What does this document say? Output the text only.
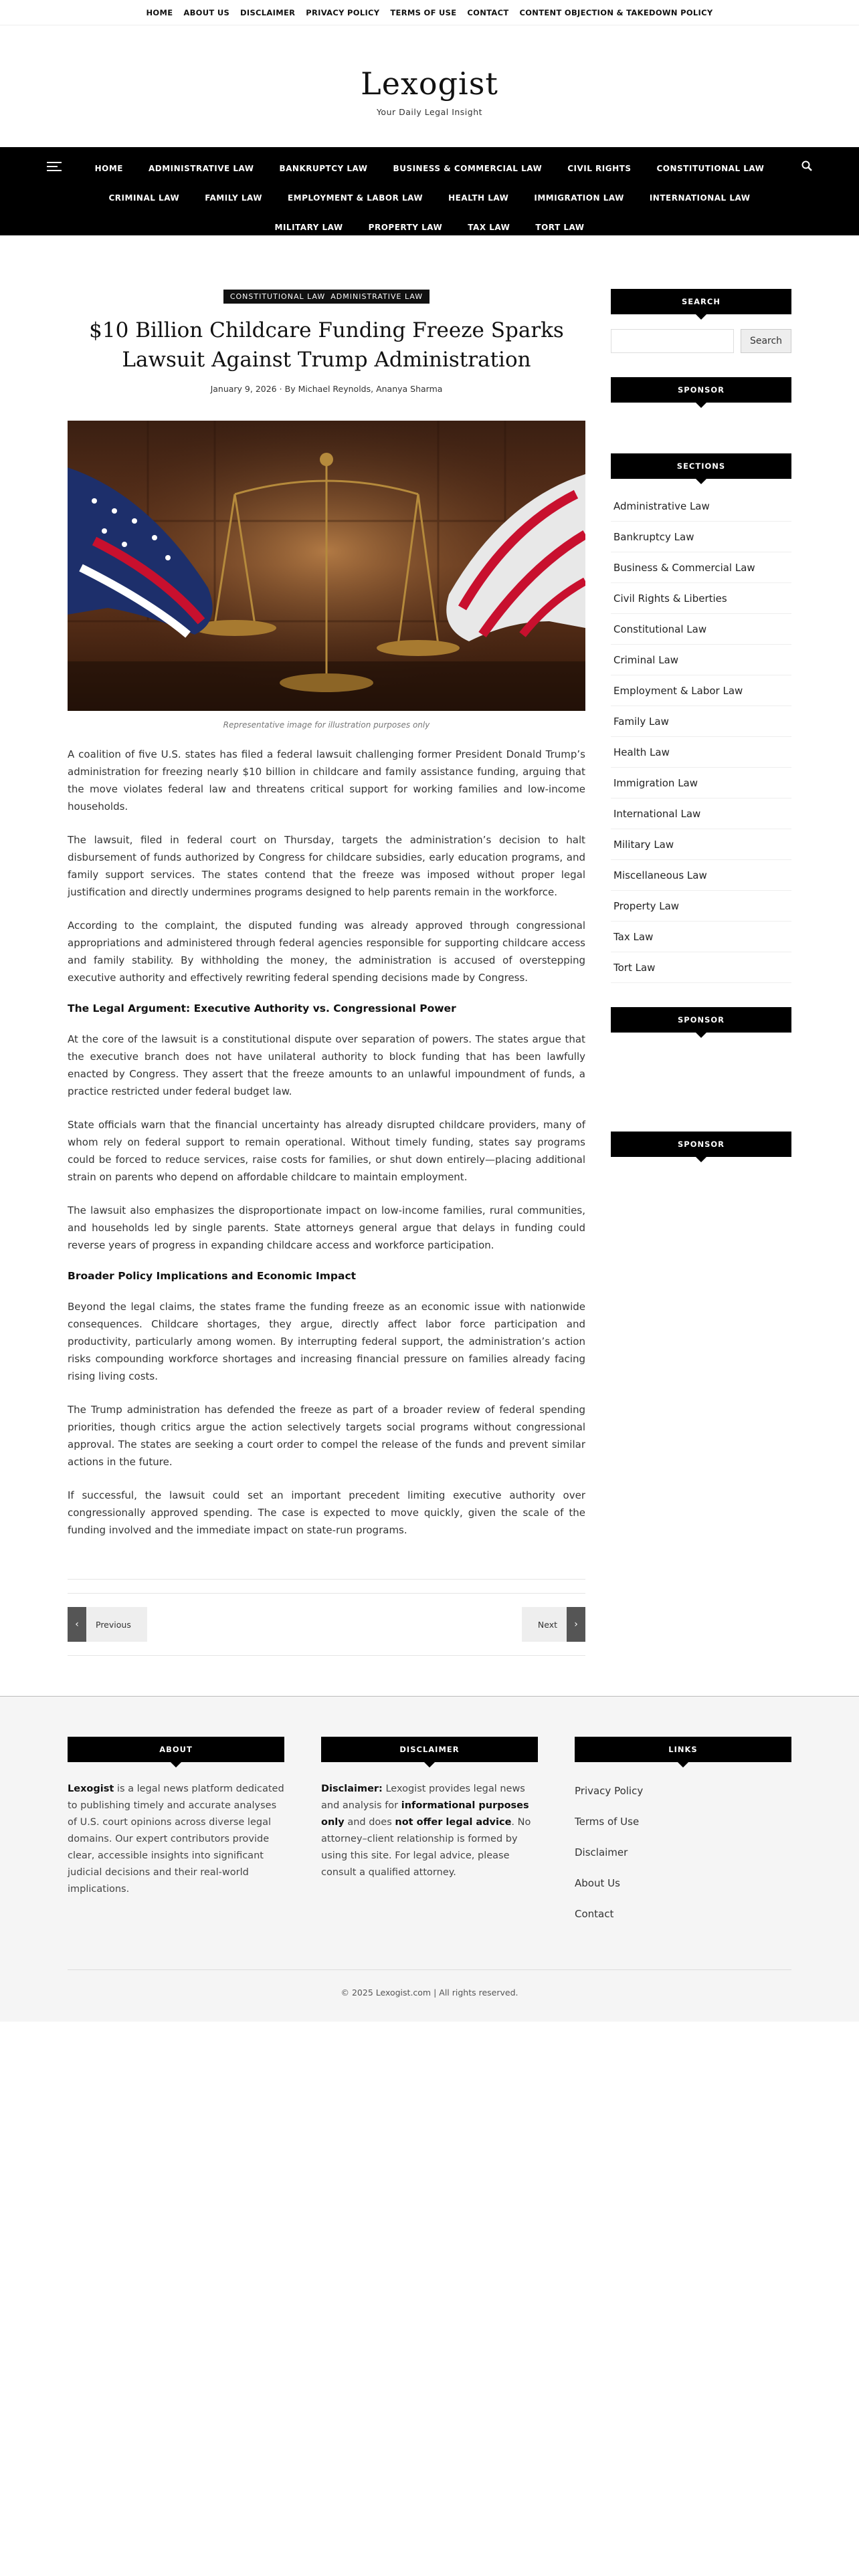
HOME ABOUT US DISCLAIMER PRIVACY POLICY TERMS OF USE CONTACT CONTENT OBJECTION & TAKEDOWN POLICY
Lexogist
Your Daily Legal Insight
HOME	ADMINISTRATIVE LAW	BANKRUPTCY LAW	BUSINESS & COMMERCIAL LAW	CIVIL RIGHTS	CONSTITUTIONAL LAW
CRIMINAL LAW	FAMILY LAW	EMPLOYMENT & LABOR LAW	HEALTH LAW	IMMIGRATION LAW	INTERNATIONAL LAW
MILITARY LAW	PROPERTY LAW	TAX LAW	TORT LAW
CONSTITUTIONAL LAW ADMINISTRATIVE LAW
$10 Billion Childcare Funding Freeze Sparks Lawsuit Against Trump Administration
January 9, 2026 · By Michael Reynolds, Ananya Sharma
Representative image for illustration purposes only

A coalition of five U.S. states has filed a federal lawsuit challenging former President Donald Trump’s administration for freezing nearly $10 billion in childcare and family assistance funding, arguing that the move violates federal law and threatens critical support for working families and low-income households.

The lawsuit, filed in federal court on Thursday, targets the administration’s decision to halt disbursement of funds authorized by Congress for childcare subsidies, early education programs, and family support services. The states contend that the freeze was imposed without proper legal justification and directly undermines programs designed to help parents remain in the workforce.

According to the complaint, the disputed funding was already approved through congressional appropriations and administered through federal agencies responsible for supporting childcare access and family stability. By withholding the money, the administration is accused of overstepping executive authority and effectively rewriting federal spending decisions made by Congress.

The Legal Argument: Executive Authority vs. Congressional Power

At the core of the lawsuit is a constitutional dispute over separation of powers. The states argue that the executive branch does not have unilateral authority to block funding that has been lawfully enacted by Congress. They assert that the freeze amounts to an unlawful impoundment of funds, a practice restricted under federal budget law.

State officials warn that the financial uncertainty has already disrupted childcare providers, many of whom rely on federal support to remain operational. Without timely funding, states say programs could be forced to reduce services, raise costs for families, or shut down entirely—placing additional strain on parents who depend on affordable childcare to maintain employment.

The lawsuit also emphasizes the disproportionate impact on low-income families, rural communities, and households led by single parents. State attorneys general argue that delays in funding could reverse years of progress in expanding childcare access and workforce participation.

Broader Policy Implications and Economic Impact

Beyond the legal claims, the states frame the funding freeze as an economic issue with nationwide consequences. Childcare shortages, they argue, directly affect labor force participation and productivity, particularly among women. By interrupting federal support, the administration’s action risks compounding workforce shortages and increasing financial pressure on families already facing rising living costs.

The Trump administration has defended the freeze as part of a broader review of federal spending priorities, though critics argue the action selectively targets social programs without congressional approval. The states are seeking a court order to compel the release of the funds and prevent similar actions in the future.

If successful, the lawsuit could set an important precedent limiting executive authority over congressionally approved spending. The case is expected to move quickly, given the scale of the funding involved and the immediate impact on state-run programs.

‹	Previous	Next	›
SEARCH
Search
SPONSOR
SECTIONS
Administrative Law
Bankruptcy Law
Business & Commercial Law
Civil Rights & Liberties
Constitutional Law
Criminal Law
Employment & Labor Law
Family Law
Health Law
Immigration Law
International Law
Military Law
Miscellaneous Law
Property Law
Tax Law
Tort Law
SPONSOR
SPONSOR
ABOUT

Lexogist is a legal news platform dedicated to publishing timely and accurate analyses of U.S. court opinions across diverse legal domains. Our expert contributors provide clear, accessible insights into significant judicial decisions and their real-world implications.

DISCLAIMER

Disclaimer: Lexogist provides legal news and analysis for informational purposes only and does not offer legal advice. No attorney–client relationship is formed by using this site. For legal advice, please consult a qualified attorney.

LINKS
Privacy Policy
Terms of Use
Disclaimer
About Us
Contact
© 2025 Lexogist.com | All rights reserved.
